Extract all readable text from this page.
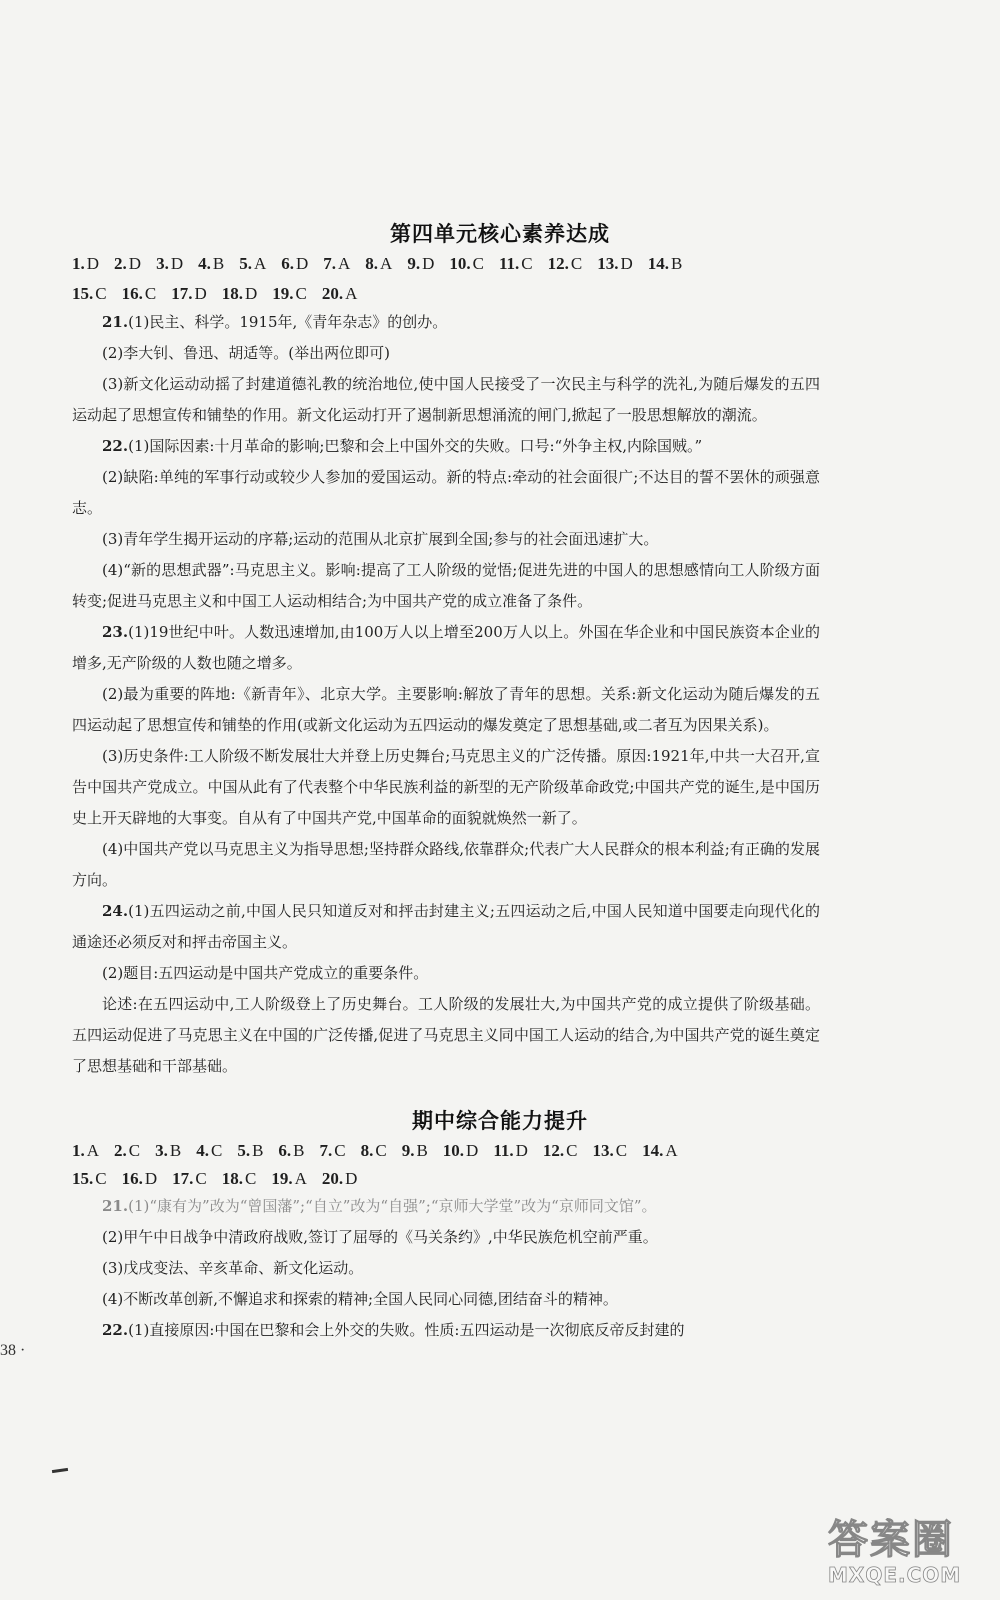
第四单元核心素养达成
1. D 2. D 3. D 4. B 5. A 6. D 7. A 8. A 9. D 10. C 11. C 12. C 13. D 14. B
15. C 16. C 17. D 18. D 19. C 20. A

21.(1)民主、科学。1915年,《青年杂志》的创办。

(2)李大钊、鲁迅、胡适等。(举出两位即可)

(3)新文化运动动摇了封建道德礼教的统治地位,使中国人民接受了一次民主与科学的洗礼,为随后爆发的五四运动起了思想宣传和铺垫的作用。新文化运动打开了遏制新思想涌流的闸门,掀起了一股思想解放的潮流。

22.(1)国际因素:十月革命的影响;巴黎和会上中国外交的失败。口号:“外争主权,内除国贼。”

(2)缺陷:单纯的军事行动或较少人参加的爱国运动。新的特点:牵动的社会面很广;不达目的誓不罢休的顽强意志。

(3)青年学生揭开运动的序幕;运动的范围从北京扩展到全国;参与的社会面迅速扩大。

(4)“新的思想武器”:马克思主义。影响:提高了工人阶级的觉悟;促进先进的中国人的思想感情向工人阶级方面转变;促进马克思主义和中国工人运动相结合;为中国共产党的成立准备了条件。

23.(1)19世纪中叶。人数迅速增加,由100万人以上增至200万人以上。外国在华企业和中国民族资本企业的增多,无产阶级的人数也随之增多。

(2)最为重要的阵地:《新青年》、北京大学。主要影响:解放了青年的思想。关系:新文化运动为随后爆发的五四运动起了思想宣传和铺垫的作用(或新文化运动为五四运动的爆发奠定了思想基础,或二者互为因果关系)。

(3)历史条件:工人阶级不断发展壮大并登上历史舞台;马克思主义的广泛传播。原因:1921年,中共一大召开,宣告中国共产党成立。中国从此有了代表整个中华民族利益的新型的无产阶级革命政党;中国共产党的诞生,是中国历史上开天辟地的大事变。自从有了中国共产党,中国革命的面貌就焕然一新了。

(4)中国共产党以马克思主义为指导思想;坚持群众路线,依靠群众;代表广大人民群众的根本利益;有正确的发展方向。

24.(1)五四运动之前,中国人民只知道反对和抨击封建主义;五四运动之后,中国人民知道中国要走向现代化的通途还必须反对和抨击帝国主义。

(2)题目:五四运动是中国共产党成立的重要条件。

论述:在五四运动中,工人阶级登上了历史舞台。工人阶级的发展壮大,为中国共产党的成立提供了阶级基础。五四运动促进了马克思主义在中国的广泛传播,促进了马克思主义同中国工人运动的结合,为中国共产党的诞生奠定了思想基础和干部基础。

期中综合能力提升
1. A 2. C 3. B 4. C 5. B 6. B 7. C 8. C 9. B 10. D 11. D 12. C 13. C 14. A
15. C 16. D 17. C 18. C 19. A 20. D

21.(1)“康有为”改为“曾国藩”;“自立”改为“自强”;“京师大学堂”改为“京师同文馆”。

(2)甲午中日战争中清政府战败,签订了屈辱的《马关条约》,中华民族危机空前严重。

(3)戊戌变法、辛亥革命、新文化运动。

(4)不断改革创新,不懈追求和探索的精神;全国人民同心同德,团结奋斗的精神。

22.(1)直接原因:中国在巴黎和会上外交的失败。性质:五四运动是一次彻底反帝反封建的

38 ·
答案圈
MXQE.COM
